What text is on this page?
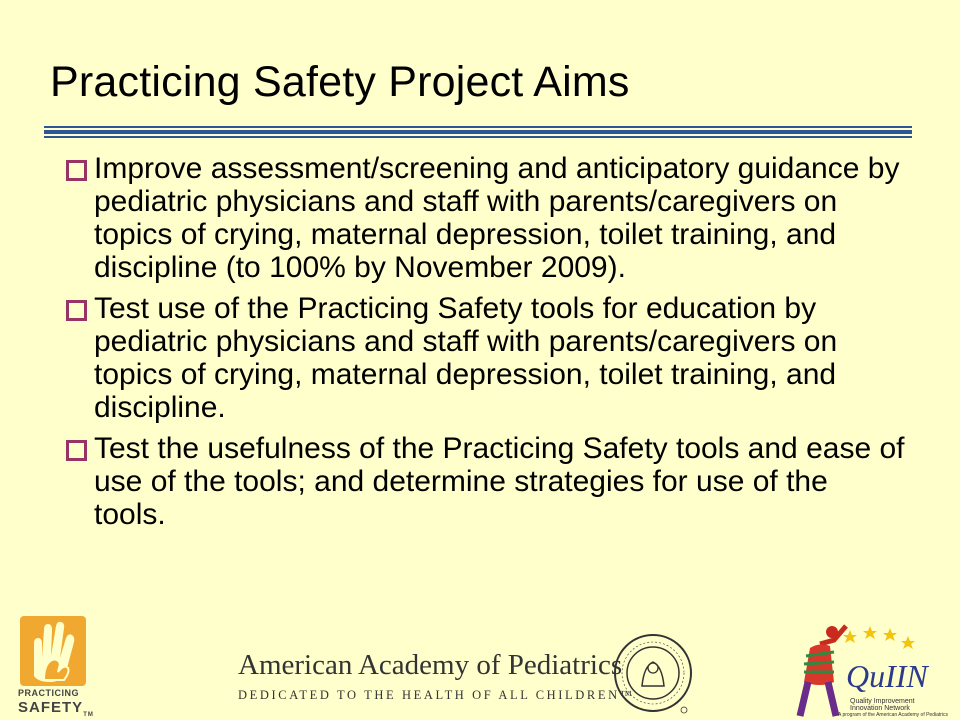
Practicing Safety Project Aims
Improve assessment/screening and anticipatory guidance by pediatric physicians and staff with parents/caregivers on topics of crying, maternal depression, toilet training, and discipline (to 100% by November 2009).
Test use of the Practicing Safety tools for education by pediatric physicians and staff with parents/caregivers on topics of crying, maternal depression, toilet training, and discipline.
Test the usefulness of the Practicing Safety tools and ease of use of the tools; and determine strategies for use of the tools.
PRACTICING
$SAFETY_{TM}$
American Academy of Pediatrics
DEDICATED TO THE HEALTH OF ALL CHILDREN™
QuIIN
Quality Improvement
Innovation Network
A program of the American Academy of Pediatrics
